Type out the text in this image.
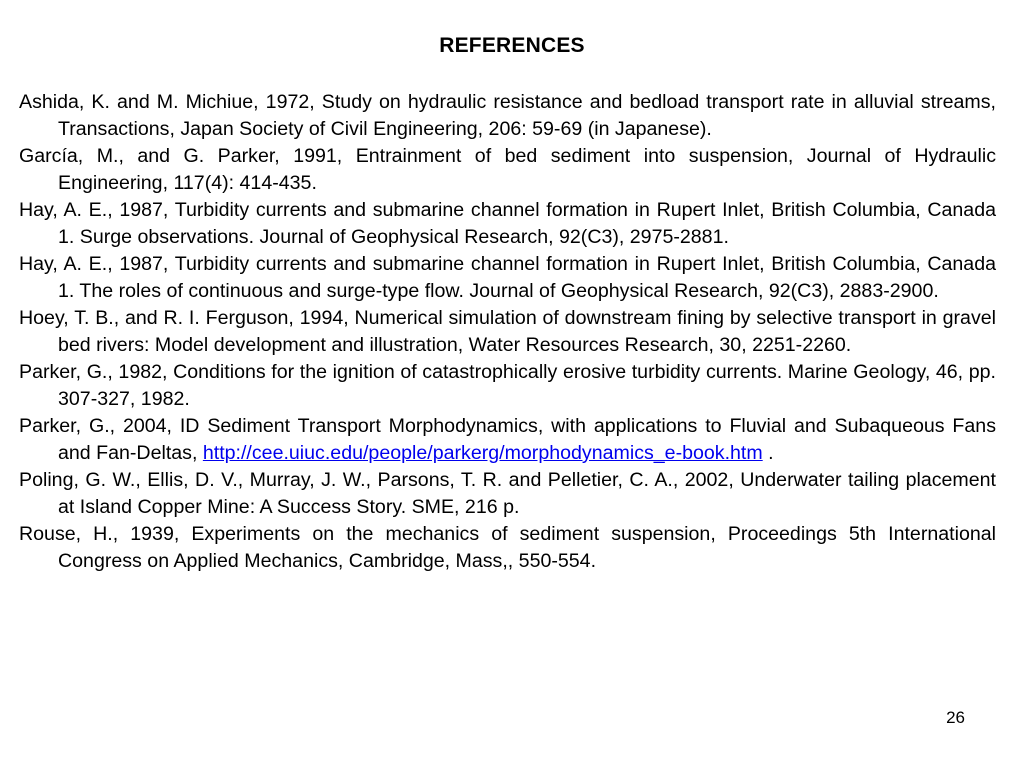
REFERENCES
Ashida, K. and M. Michiue, 1972, Study on hydraulic resistance and bedload transport rate in alluvial streams, Transactions, Japan Society of Civil Engineering, 206: 59-69 (in Japanese).
García, M., and G. Parker, 1991, Entrainment of bed sediment into suspension, Journal of Hydraulic Engineering, 117(4): 414-435.
Hay, A. E., 1987, Turbidity currents and submarine channel formation in Rupert Inlet, British Columbia, Canada 1. Surge observations. Journal of Geophysical Research, 92(C3), 2975-2881.
Hay, A. E., 1987, Turbidity currents and submarine channel formation in Rupert Inlet, British Columbia, Canada 1. The roles of continuous and surge-type flow. Journal of Geophysical Research, 92(C3), 2883-2900.
Hoey, T. B., and R. I. Ferguson, 1994, Numerical simulation of downstream fining by selective transport in gravel bed rivers: Model development and illustration, Water Resources Research, 30, 2251-2260.
Parker, G., 1982, Conditions for the ignition of catastrophically erosive turbidity currents. Marine Geology, 46, pp. 307-327, 1982.
Parker, G., 2004, ID Sediment Transport Morphodynamics, with applications to Fluvial and Subaqueous Fans and Fan-Deltas, http://cee.uiuc.edu/people/parkerg/morphodynamics_e-book.htm .
Poling, G. W., Ellis, D. V., Murray, J. W., Parsons, T. R. and Pelletier, C. A., 2002, Underwater tailing placement at Island Copper Mine: A Success Story. SME, 216 p.
Rouse, H., 1939, Experiments on the mechanics of sediment suspension, Proceedings 5th International Congress on Applied Mechanics, Cambridge, Mass,, 550-554.
26
